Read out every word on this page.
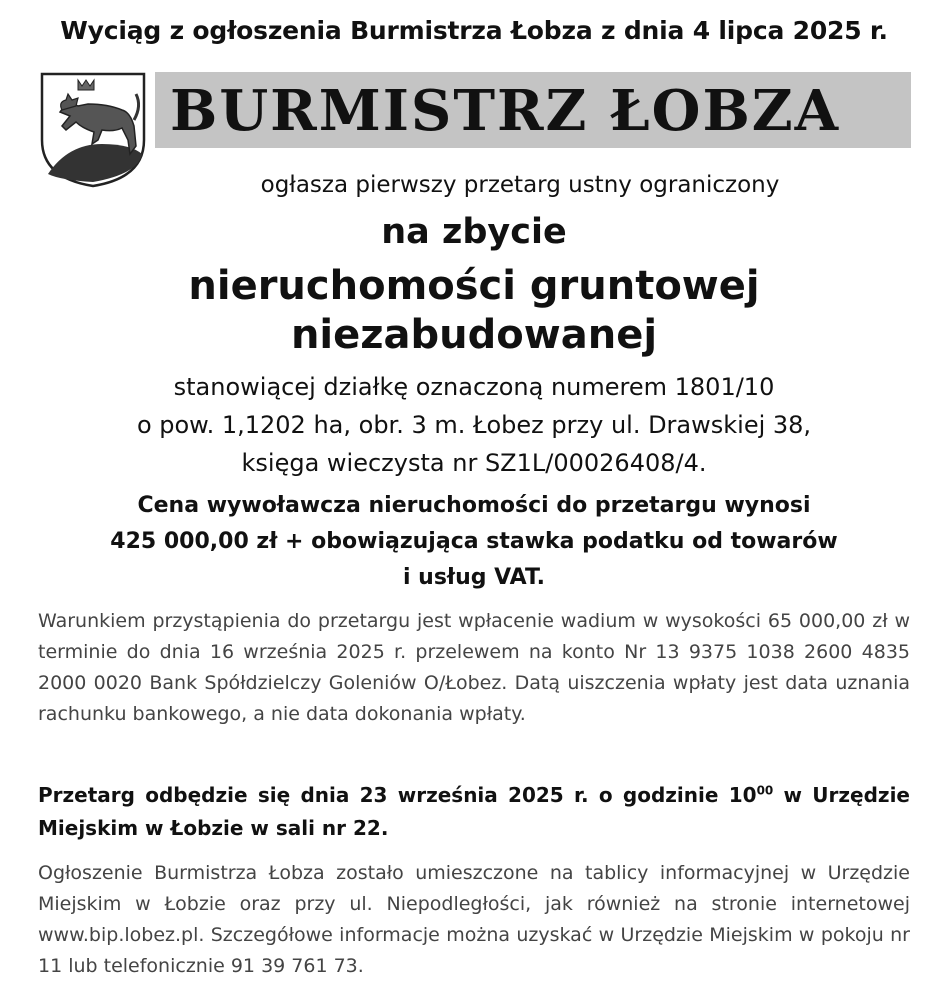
Wyciąg z ogłoszenia Burmistrza Łobza z dnia 4 lipca 2025 r.
BURMISTRZ ŁOBZA
ogłasza pierwszy przetarg ustny ograniczony
na zbycie
nieruchomości gruntowej
niezabudowanej
stanowiącej działkę oznaczoną numerem 1801/10
o pow. 1,1202 ha, obr. 3 m. Łobez przy ul. Drawskiej 38,
księga wieczysta nr SZ1L/00026408/4.
Cena wywoławcza nieruchomości do przetargu wynosi
425 000,00 zł + obowiązująca stawka podatku od towarów
i usług VAT.
Warunkiem przystąpienia do przetargu jest wpłacenie wadium w wysokości 65 000,00 zł w terminie do dnia 16 września 2025 r. przelewem na konto Nr 13 9375 1038 2600 4835 2000 0020 Bank Spółdzielczy Goleniów O/Łobez. Datą uiszczenia wpłaty jest data uznania rachunku bankowego, a nie data dokonania wpłaty.
Przetarg odbędzie się dnia 23 września 2025 r. o godzinie $10^{00}$ w Urzędzie Miejskim w Łobzie w sali nr 22.
Ogłoszenie Burmistrza Łobza zostało umieszczone na tablicy informacyjnej w Urzędzie Miejskim w Łobzie oraz przy ul. Niepodległości, jak również na stronie internetowej www.bip.lobez.pl. Szczegółowe informacje można uzyskać w Urzędzie Miejskim w pokoju nr 11 lub telefonicznie 91 39 761 73.
